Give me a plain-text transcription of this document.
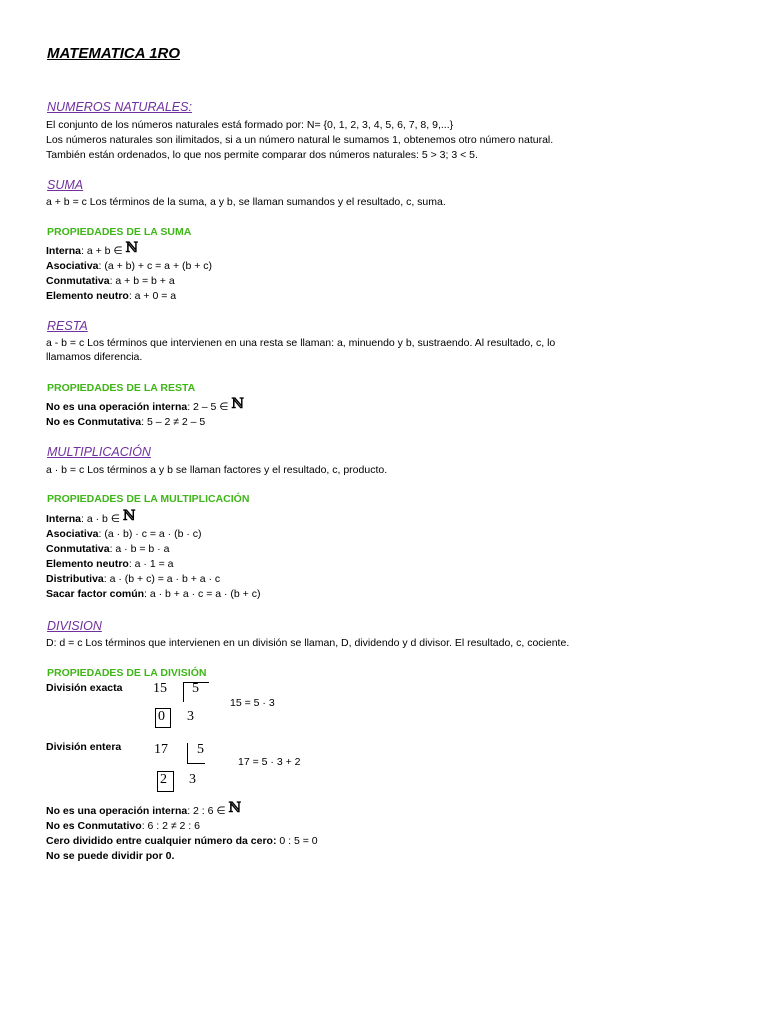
MATEMATICA 1RO
NUMEROS NATURALES:
El conjunto de los números naturales está formado por: N= {0, 1, 2, 3, 4, 5, 6, 7, 8, 9,...}
Los números naturales son ilimitados, si a un número natural le sumamos 1, obtenemos otro número natural.
También están ordenados, lo que nos permite comparar dos números naturales: 5 > 3; 3 < 5.
SUMA
a + b = c Los términos de la suma, a y b, se llaman sumandos y el resultado, c, suma.
PROPIEDADES DE LA SUMA
Interna: a + b ∈ ℕ
Asociativa: (a + b) + c = a + (b + c)
Conmutativa: a + b = b + a
Elemento neutro: a + 0 = a
RESTA
a - b = c Los términos que intervienen en una resta se llaman: a, minuendo y b, sustraendo. Al resultado, c, lo
llamamos diferencia.
PROPIEDADES DE LA RESTA
No es una operación interna: 2 – 5 ∈ ℕ
No es Conmutativa: 5 – 2 ≠ 2 – 5
MULTIPLICACIÓN
a · b = c Los términos a y b se llaman factores y el resultado, c, producto.
PROPIEDADES DE LA MULTIPLICACIÓN
Interna: a · b ∈ ℕ
Asociativa: (a · b) · c = a · (b · c)
Conmutativa: a · b = b · a
Elemento neutro: a · 1 = a
Distributiva: a · (b + c) = a · b + a · c
Sacar factor común: a · b + a · c = a · (b + c)
DIVISION
D: d = c Los términos que intervienen en un división se llaman, D, dividendo y d divisor. El resultado, c, cociente.
PROPIEDADES DE LA DIVISIÓN
División exacta 15 5
0 3
15 = 5 · 3
División entera 17 5
2 3
17 = 5 · 3 + 2
No es una operación interna: 2 : 6 ∈ ℕ
No es Conmutativo: 6 : 2 ≠ 2 : 6
Cero dividido entre cualquier número da cero: 0 : 5 = 0
No se puede dividir por 0.
